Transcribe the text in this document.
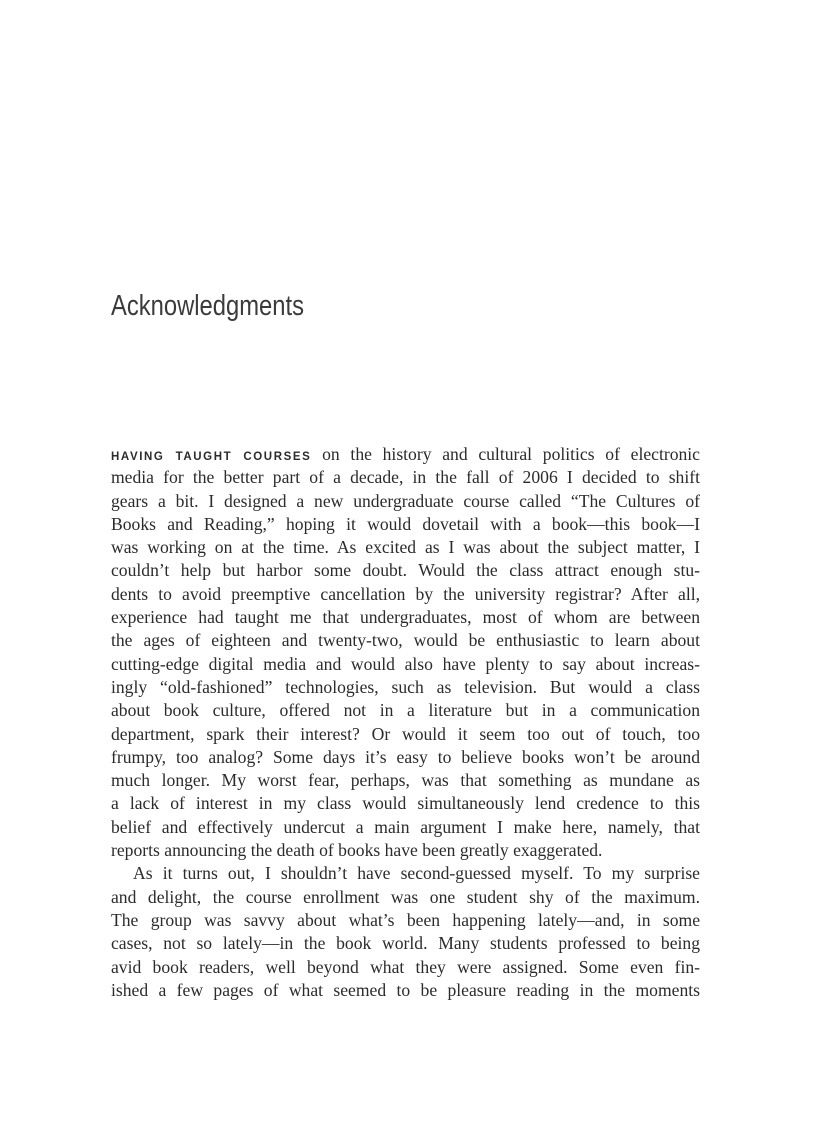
Acknowledgments
HAVING TAUGHT COURSES on the history and cultural politics of electronic
media for the better part of a decade, in the fall of 2006 I decided to shift
gears a bit. I designed a new undergraduate course called “The Cultures of
Books and Reading,” hoping it would dovetail with a book—this book—I
was working on at the time. As excited as I was about the subject matter, I
couldn’t help but harbor some doubt. Would the class attract enough stu-
dents to avoid preemptive cancellation by the university registrar? After all,
experience had taught me that undergraduates, most of whom are between
the ages of eighteen and twenty-two, would be enthusiastic to learn about
cutting-edge digital media and would also have plenty to say about increas-
ingly “old-fashioned” technologies, such as television. But would a class
about book culture, offered not in a literature but in a communication
department, spark their interest? Or would it seem too out of touch, too
frumpy, too analog? Some days it’s easy to believe books won’t be around
much longer. My worst fear, perhaps, was that something as mundane as
a lack of interest in my class would simultaneously lend credence to this
belief and effectively undercut a main argument I make here, namely, that
reports announcing the death of books have been greatly exaggerated.
As it turns out, I shouldn’t have second-guessed myself. To my surprise
and delight, the course enrollment was one student shy of the maximum.
The group was savvy about what’s been happening lately—and, in some
cases, not so lately—in the book world. Many students professed to being
avid book readers, well beyond what they were assigned. Some even fin-
ished a few pages of what seemed to be pleasure reading in the moments
